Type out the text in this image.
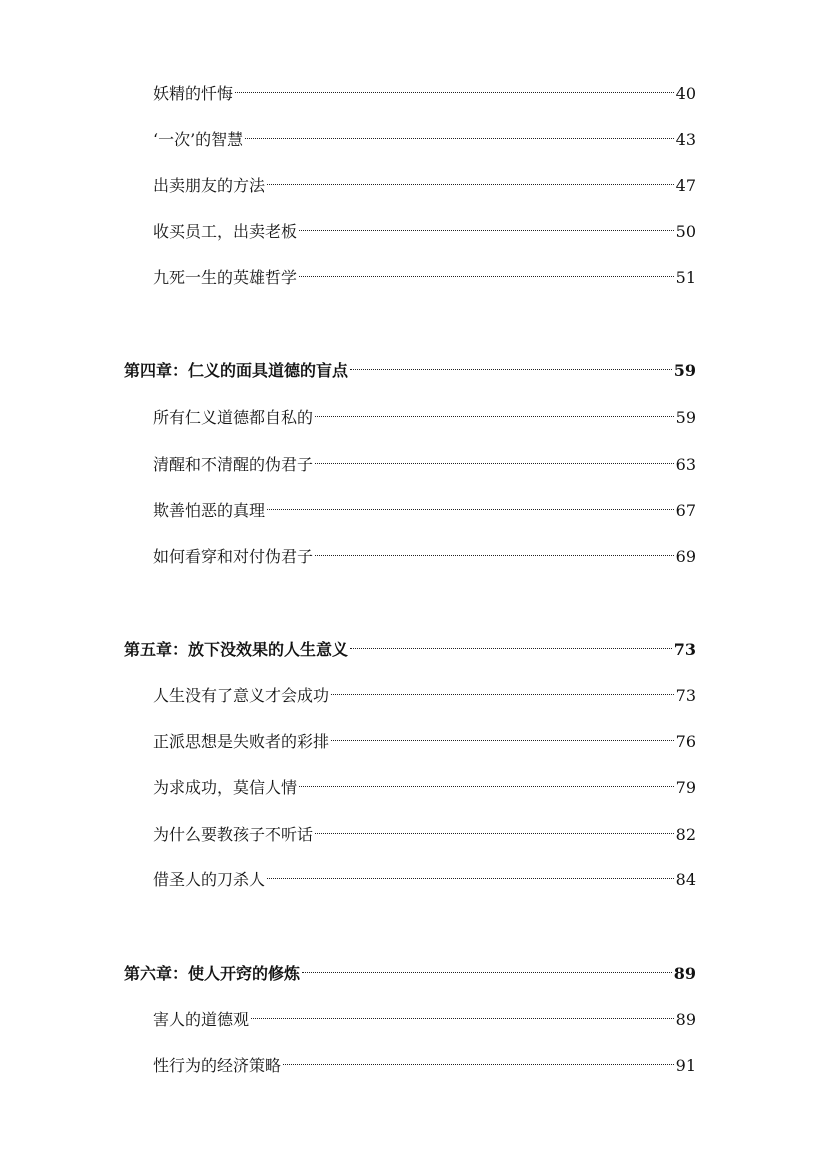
妖精的忏悔	40
‘一次’的智慧	43
出卖朋友的方法	47
收买员工，出卖老板	50
九死一生的英雄哲学	51
第四章：仁义的面具道德的盲点	59
所有仁义道德都自私的	59
清醒和不清醒的伪君子	63
欺善怕恶的真理	67
如何看穿和对付伪君子	69
第五章：放下没效果的人生意义	73
人生没有了意义才会成功	73
正派思想是失败者的彩排	76
为求成功，莫信人情	79
为什么要教孩子不听话	82
借圣人的刀杀人	84
第六章：使人开窍的修炼	89
害人的道德观	89
性行为的经济策略	91
